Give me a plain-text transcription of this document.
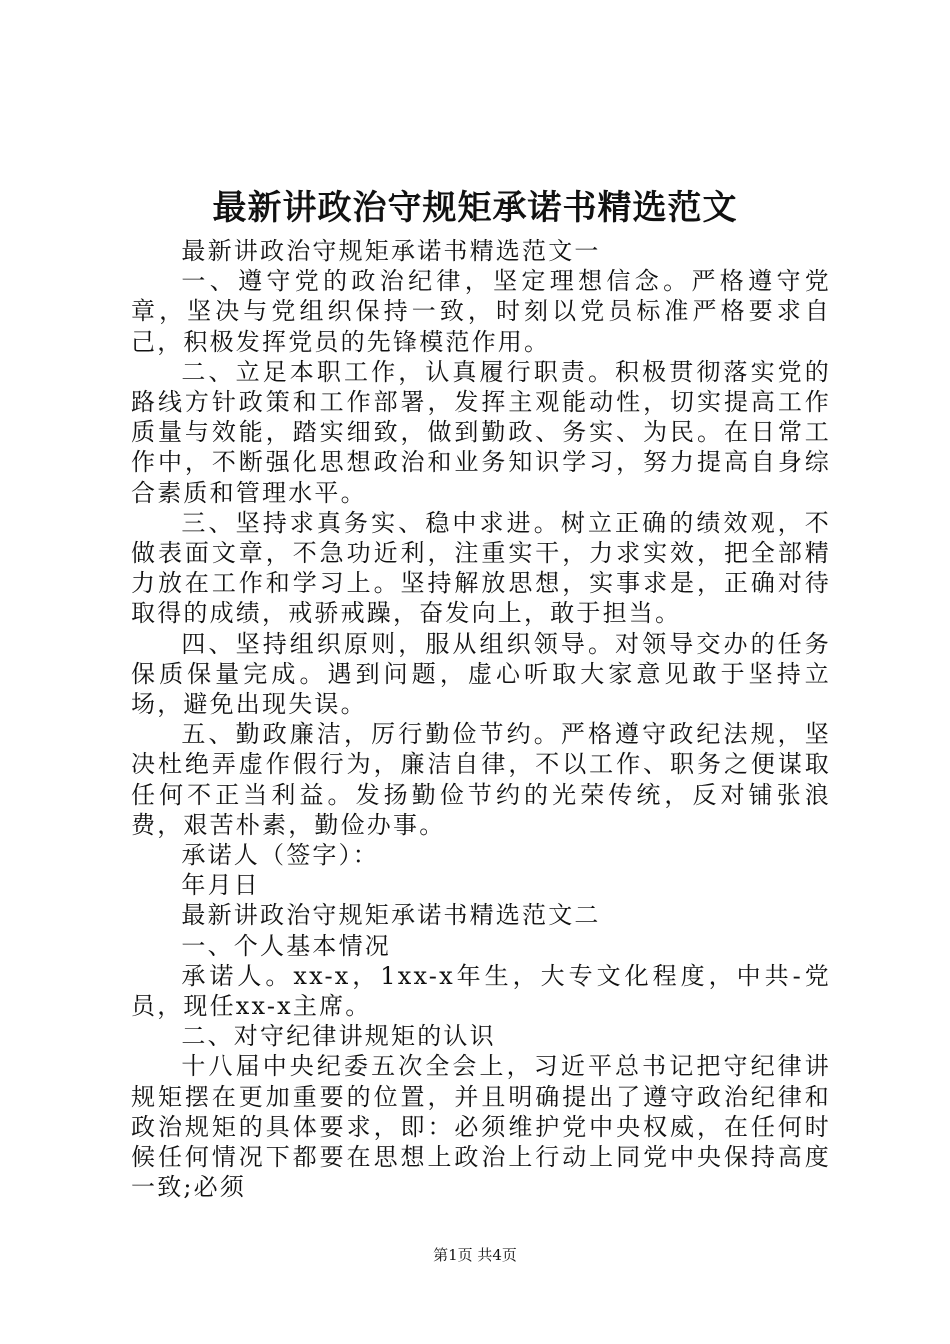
最新讲政治守规矩承诺书精选范文

最新讲政治守规矩承诺书精选范文一

一、遵守党的政治纪律，坚定理想信念。严格遵守党章，坚决与党组织保持一致，时刻以党员标准严格要求自己，积极发挥党员的先锋模范作用。

二、立足本职工作，认真履行职责。积极贯彻落实党的路线方针政策和工作部署，发挥主观能动性，切实提高工作质量与效能，踏实细致，做到勤政、务实、为民。在日常工作中，不断强化思想政治和业务知识学习，努力提高自身综合素质和管理水平。

三、坚持求真务实、稳中求进。树立正确的绩效观，不做表面文章，不急功近利，注重实干，力求实效，把全部精力放在工作和学习上。坚持解放思想，实事求是，正确对待取得的成绩，戒骄戒躁，奋发向上，敢于担当。

四、坚持组织原则，服从组织领导。对领导交办的任务保质保量完成。遇到问题，虚心听取大家意见敢于坚持立场，避免出现失误。

五、勤政廉洁，厉行勤俭节约。严格遵守政纪法规，坚决杜绝弄虚作假行为，廉洁自律，不以工作、职务之便谋取任何不正当利益。发扬勤俭节约的光荣传统，反对铺张浪费，艰苦朴素，勤俭办事。

承诺人（签字）：

年月日

最新讲政治守规矩承诺书精选范文二

一、个人基本情况

承诺人。xx-x，1xx-x年生，大专文化程度，中共-党员，现任xx-x主席。

二、对守纪律讲规矩的认识

十八届中央纪委五次全会上，习近平总书记把守纪律讲规矩摆在更加重要的位置，并且明确提出了遵守政治纪律和政治规矩的具体要求，即：必须维护党中央权威，在任何时候任何情况下都要在思想上政治上行动上同党中央保持高度一致;必须

第1页 共4页
